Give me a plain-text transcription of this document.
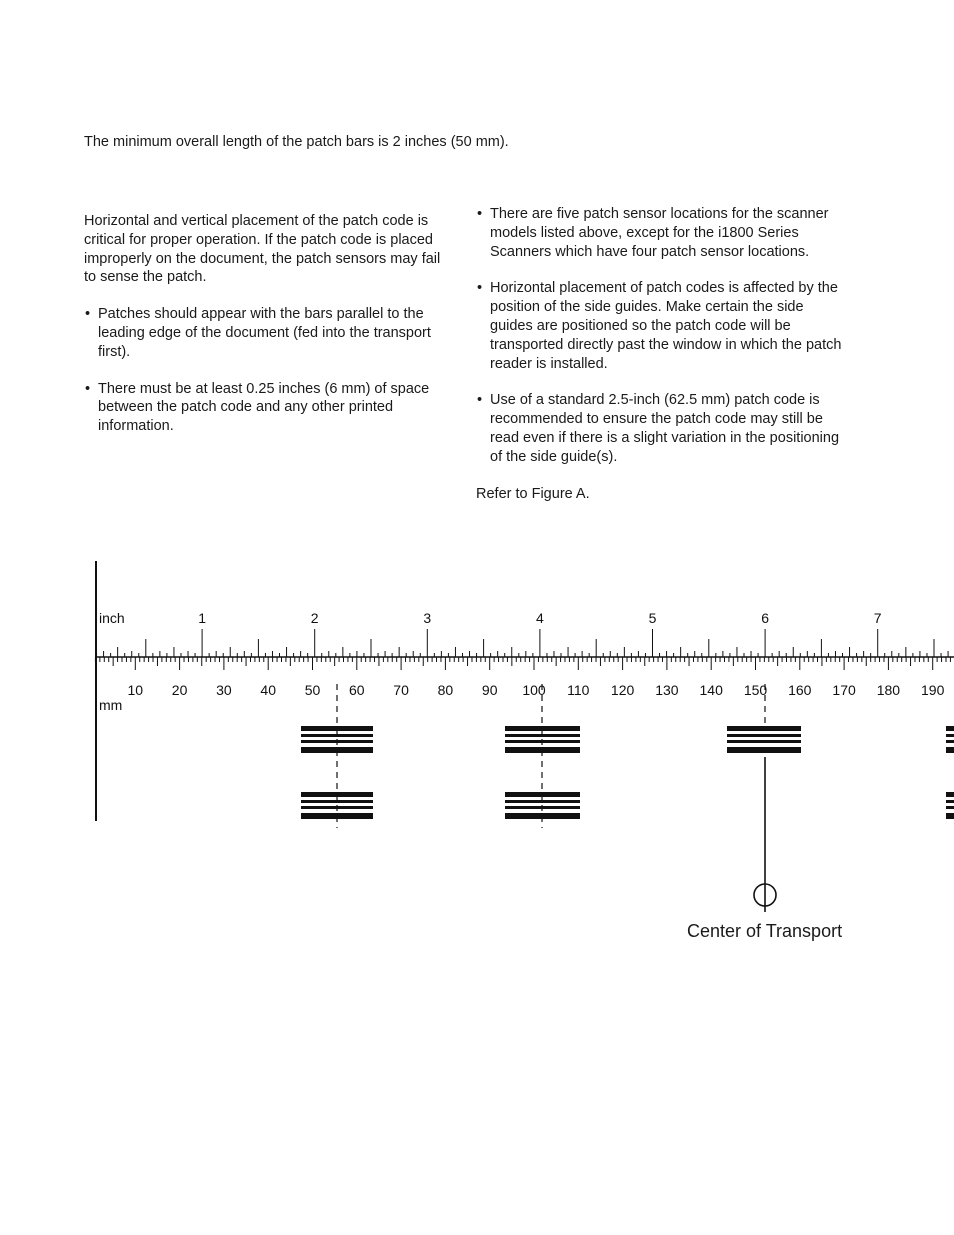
The minimum overall length of the patch bars is 2 inches (50 mm).

Horizontal and vertical placement of the patch code is critical for proper operation. If the patch code is placed improperly on the document, the patch sensors may fail to sense the patch.

• Patches should appear with the bars parallel to the leading edge of the document (fed into the transport first).
• There must be at least 0.25 inches (6 mm) of space between the patch code and any other printed information.
• There are five patch sensor locations for the scanner models listed above, except for the i1800 Series Scanners which have four patch sensor locations.
• Horizontal placement of patch codes is affected by the position of the side guides. Make certain the side guides are positioned so the patch code will be transported directly past the window in which the patch reader is installed.
• Use of a standard 2.5-inch (62.5 mm) patch code is recommended to ensure the patch code may still be read even if there is a slight variation in the positioning of the side guide(s).
Refer to Figure A.
inch
mm
1	2	3	4	5	6	7
10 20 30 40 50 60 70 80 90 100 110 120 130 140 150 160 170 180 190
Center of Transport
